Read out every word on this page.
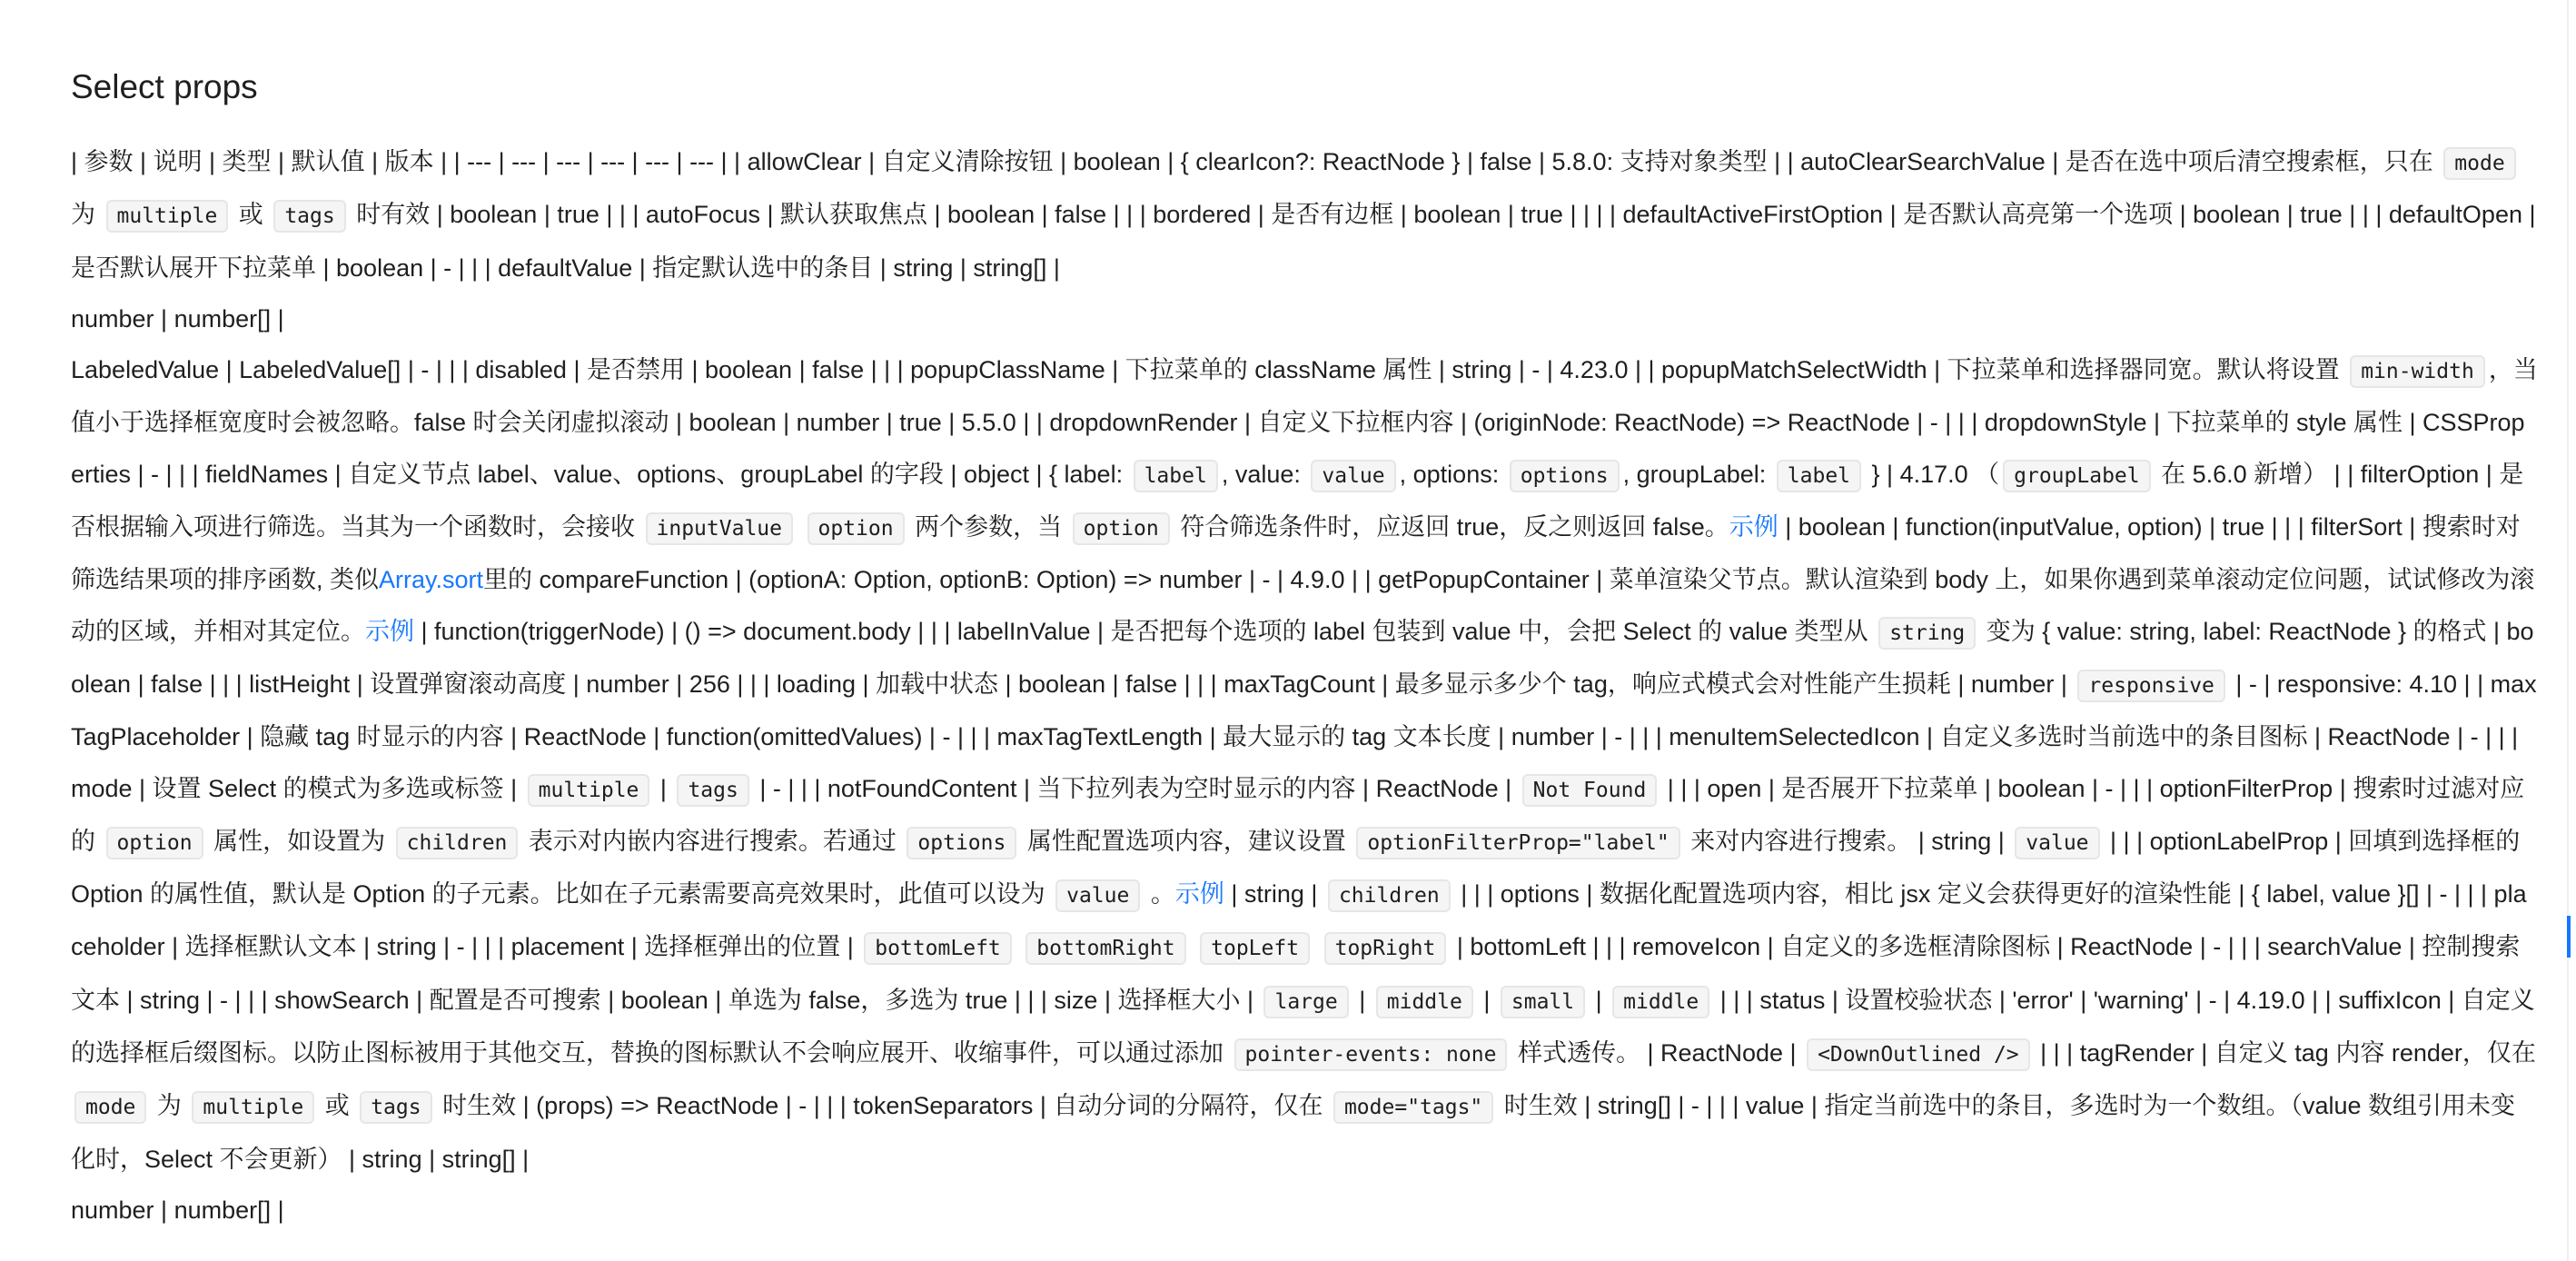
Select props

| 参数 | 说明 | 类型 | 默认值 | 版本 | | --- | --- | --- | --- | --- | --- | | allowClear | 自定义清除按钮 | boolean | { clearIcon?: ReactNode } | false | 5.8.0: 支持对象类型 | | autoClearSearchValue | 是否在选中项后清空搜索框，只在 mode 为 multiple 或 tags 时有效 | boolean | true | | | autoFocus | 默认获取焦点 | boolean | false | | | bordered | 是否有边框 | boolean | true | | | | defaultActiveFirstOption | 是否默认高亮第一个选项 | boolean | true | | | defaultOpen | 是否默认展开下拉菜单 | boolean | - | | | defaultValue | 指定默认选中的条目 | string | string[] |
number | number[] |
LabeledValue | LabeledValue[] | - | | | disabled | 是否禁用 | boolean | false | | | popupClassName | 下拉菜单的 className 属性 | string | - | 4.23.0 | | popupMatchSelectWidth | 下拉菜单和选择器同宽。默认将设置 min-width ，当值小于选择框宽度时会被忽略。false 时会关闭虚拟滚动 | boolean | number | true | 5.5.0 | | dropdownRender | 自定义下拉框内容 | (originNode: ReactNode) => ReactNode | - | | | dropdownStyle | 下拉菜单的 style 属性 | CSSProperties | - | | | fieldNames | 自定义节点 label、value、options、groupLabel 的字段 | object | { label: label , value: value , options: options , groupLabel: label } | 4.17.0 （ groupLabel 在 5.6.0 新增） | | filterOption | 是否根据输入项进行筛选。当其为一个函数时，会接收 inputValue option 两个参数，当 option 符合筛选条件时，应返回 true，反之则返回 false。示例 | boolean | function(inputValue, option) | true | | | filterSort | 搜索时对筛选结果项的排序函数, 类似Array.sort里的 compareFunction | (optionA: Option, optionB: Option) => number | - | 4.9.0 | | getPopupContainer | 菜单渲染父节点。默认渲染到 body 上，如果你遇到菜单滚动定位问题，试试修改为滚动的区域，并相对其定位。示例 | function(triggerNode) | () => document.body | | | labelInValue | 是否把每个选项的 label 包装到 value 中，会把 Select 的 value 类型从 string 变为 { value: string, label: ReactNode } 的格式 | boolean | false | | | listHeight | 设置弹窗滚动高度 | number | 256 | | | loading | 加载中状态 | boolean | false | | | maxTagCount | 最多显示多少个 tag，响应式模式会对性能产生损耗 | number | responsive | - | responsive: 4.10 | | maxTagPlaceholder | 隐藏 tag 时显示的内容 | ReactNode | function(omittedValues) | - | | | maxTagTextLength | 最大显示的 tag 文本长度 | number | - | | | menuItemSelectedIcon | 自定义多选时当前选中的条目图标 | ReactNode | - | | | mode | 设置 Select 的模式为多选或标签 | multiple | tags | - | | | notFoundContent | 当下拉列表为空时显示的内容 | ReactNode | Not Found | | | open | 是否展开下拉菜单 | boolean | - | | | optionFilterProp | 搜索时过滤对应的 option 属性，如设置为 children 表示对内嵌内容进行搜索。若通过 options 属性配置选项内容，建议设置 optionFilterProp="label" 来对内容进行搜索。 | string | value | | | optionLabelProp | 回填到选择框的 Option 的属性值，默认是 Option 的子元素。比如在子元素需要高亮效果时，此值可以设为 value 。示例 | string | children | | | options | 数据化配置选项内容，相比 jsx 定义会获得更好的渲染性能 | { label, value }[] | - | | | placeholder | 选择框默认文本 | string | - | | | placement | 选择框弹出的位置 | bottomLeft bottomRight topLeft topRight | bottomLeft | | | removeIcon | 自定义的多选框清除图标 | ReactNode | - | | | searchValue | 控制搜索文本 | string | - | | | showSearch | 配置是否可搜索 | boolean | 单选为 false，多选为 true | | | size | 选择框大小 | large | middle | small | middle | | | status | 设置校验状态 | 'error' | 'warning' | - | 4.19.0 | | suffixIcon | 自定义的选择框后缀图标。以防止图标被用于其他交互，替换的图标默认不会响应展开、收缩事件，可以通过添加 pointer-events: none 样式透传。 | ReactNode | <DownOutlined /> | | | tagRender | 自定义 tag 内容 render，仅在 mode 为 multiple 或 tags 时生效 | (props) => ReactNode | - | | | tokenSeparators | 自动分词的分隔符，仅在 mode="tags" 时生效 | string[] | - | | | value | 指定当前选中的条目，多选时为一个数组。（value 数组引用未变化时，Select 不会更新） | string | string[] |
number | number[] |
